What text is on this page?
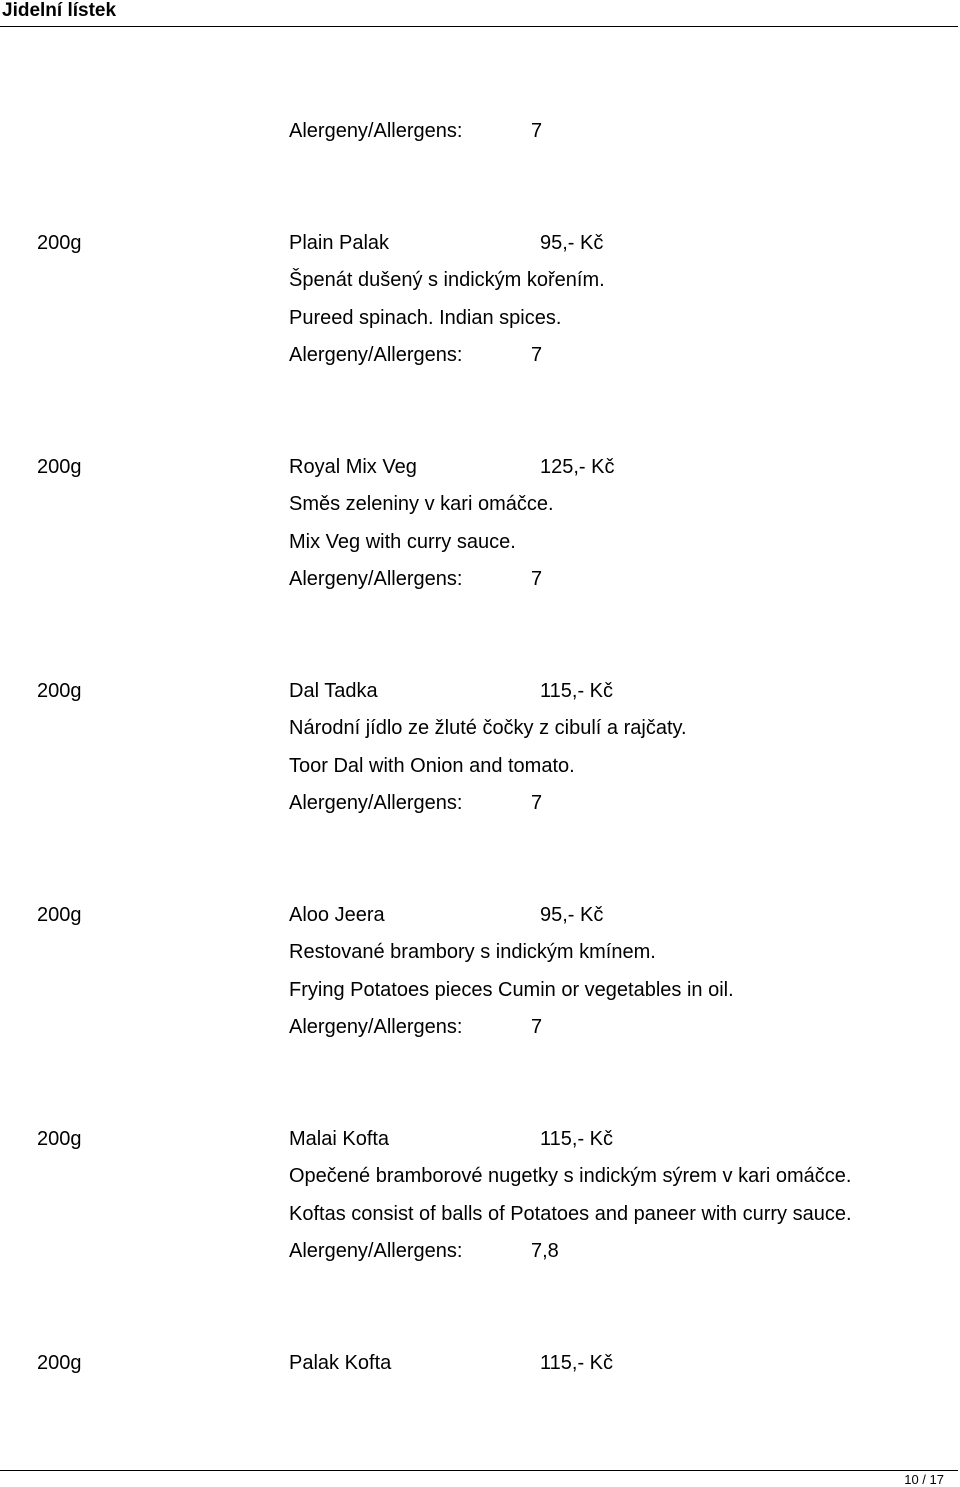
Jidelní lístek
Alergeny/Allergens:	7
200g	Plain Palak	95,- Kč
Špenát dušený s indickým kořením.
Pureed spinach. Indian spices.
Alergeny/Allergens:	7
200g	Royal Mix Veg	125,- Kč
Směs zeleniny v kari omáčce.
Mix Veg with curry sauce.
Alergeny/Allergens:	7
200g	Dal Tadka	115,- Kč
Národní jídlo ze žluté čočky z cibulí a rajčaty.
Toor Dal with Onion and tomato.
Alergeny/Allergens:	7
200g	Aloo Jeera	95,- Kč
Restované brambory s indickým kmínem.
Frying Potatoes pieces Cumin or vegetables in oil.
Alergeny/Allergens:	7
200g	Malai Kofta	115,- Kč
Opečené bramborové nugetky s indickým sýrem v kari omáčce.
Koftas consist of balls of Potatoes and paneer with curry sauce.
Alergeny/Allergens:	7,8
200g	Palak Kofta	115,- Kč
10 / 17
